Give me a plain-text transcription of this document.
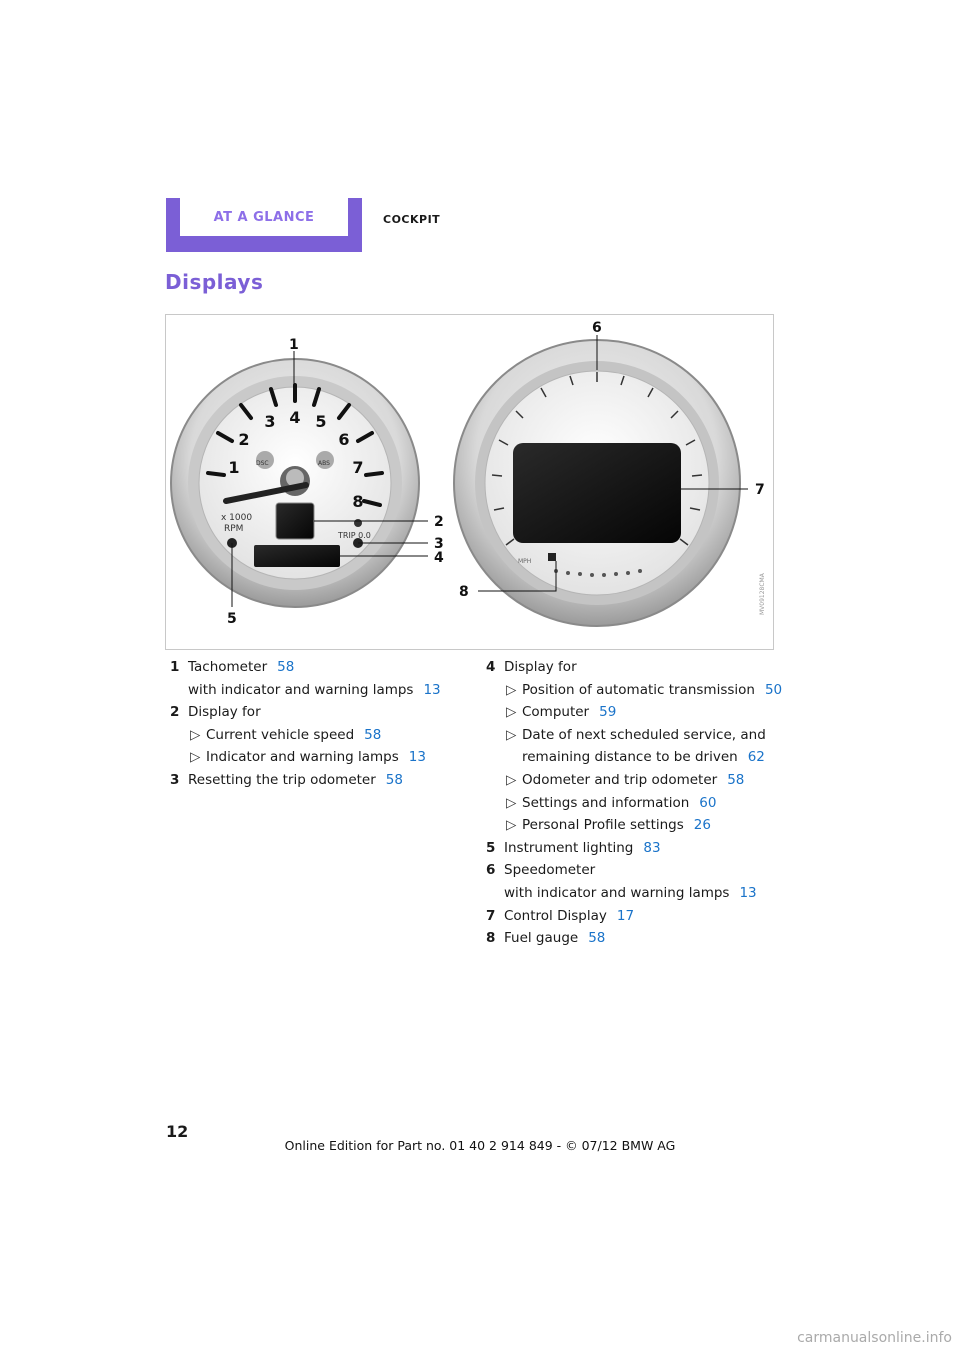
AT A GLANCE	COCKPIT
Displays
1
2
3 4 5
6
7
8
x 1000
RPM
TRIP 0.0
DSC	ABS
MPH
1
2
3
4
5
6
7
8	MV09128CMA
1 Tachometer 58
with indicator and warning lamps 13
2 Display for
▷ Current vehicle speed 58
▷ Indicator and warning lamps 13
3 Resetting the trip odometer 58
4 Display for
▷ Position of automatic transmission 50
▷ Computer 59
▷ Date of next scheduled service, and remaining distance to be driven 62
▷ Odometer and trip odometer 58
▷ Settings and information 60
▷ Personal Profile settings 26
5 Instrument lighting 83
6 Speedometer
with indicator and warning lamps 13
7 Control Display 17
8 Fuel gauge 58
12
Online Edition for Part no. 01 40 2 914 849 - © 07/12 BMW AG
carmanualsonline.info
